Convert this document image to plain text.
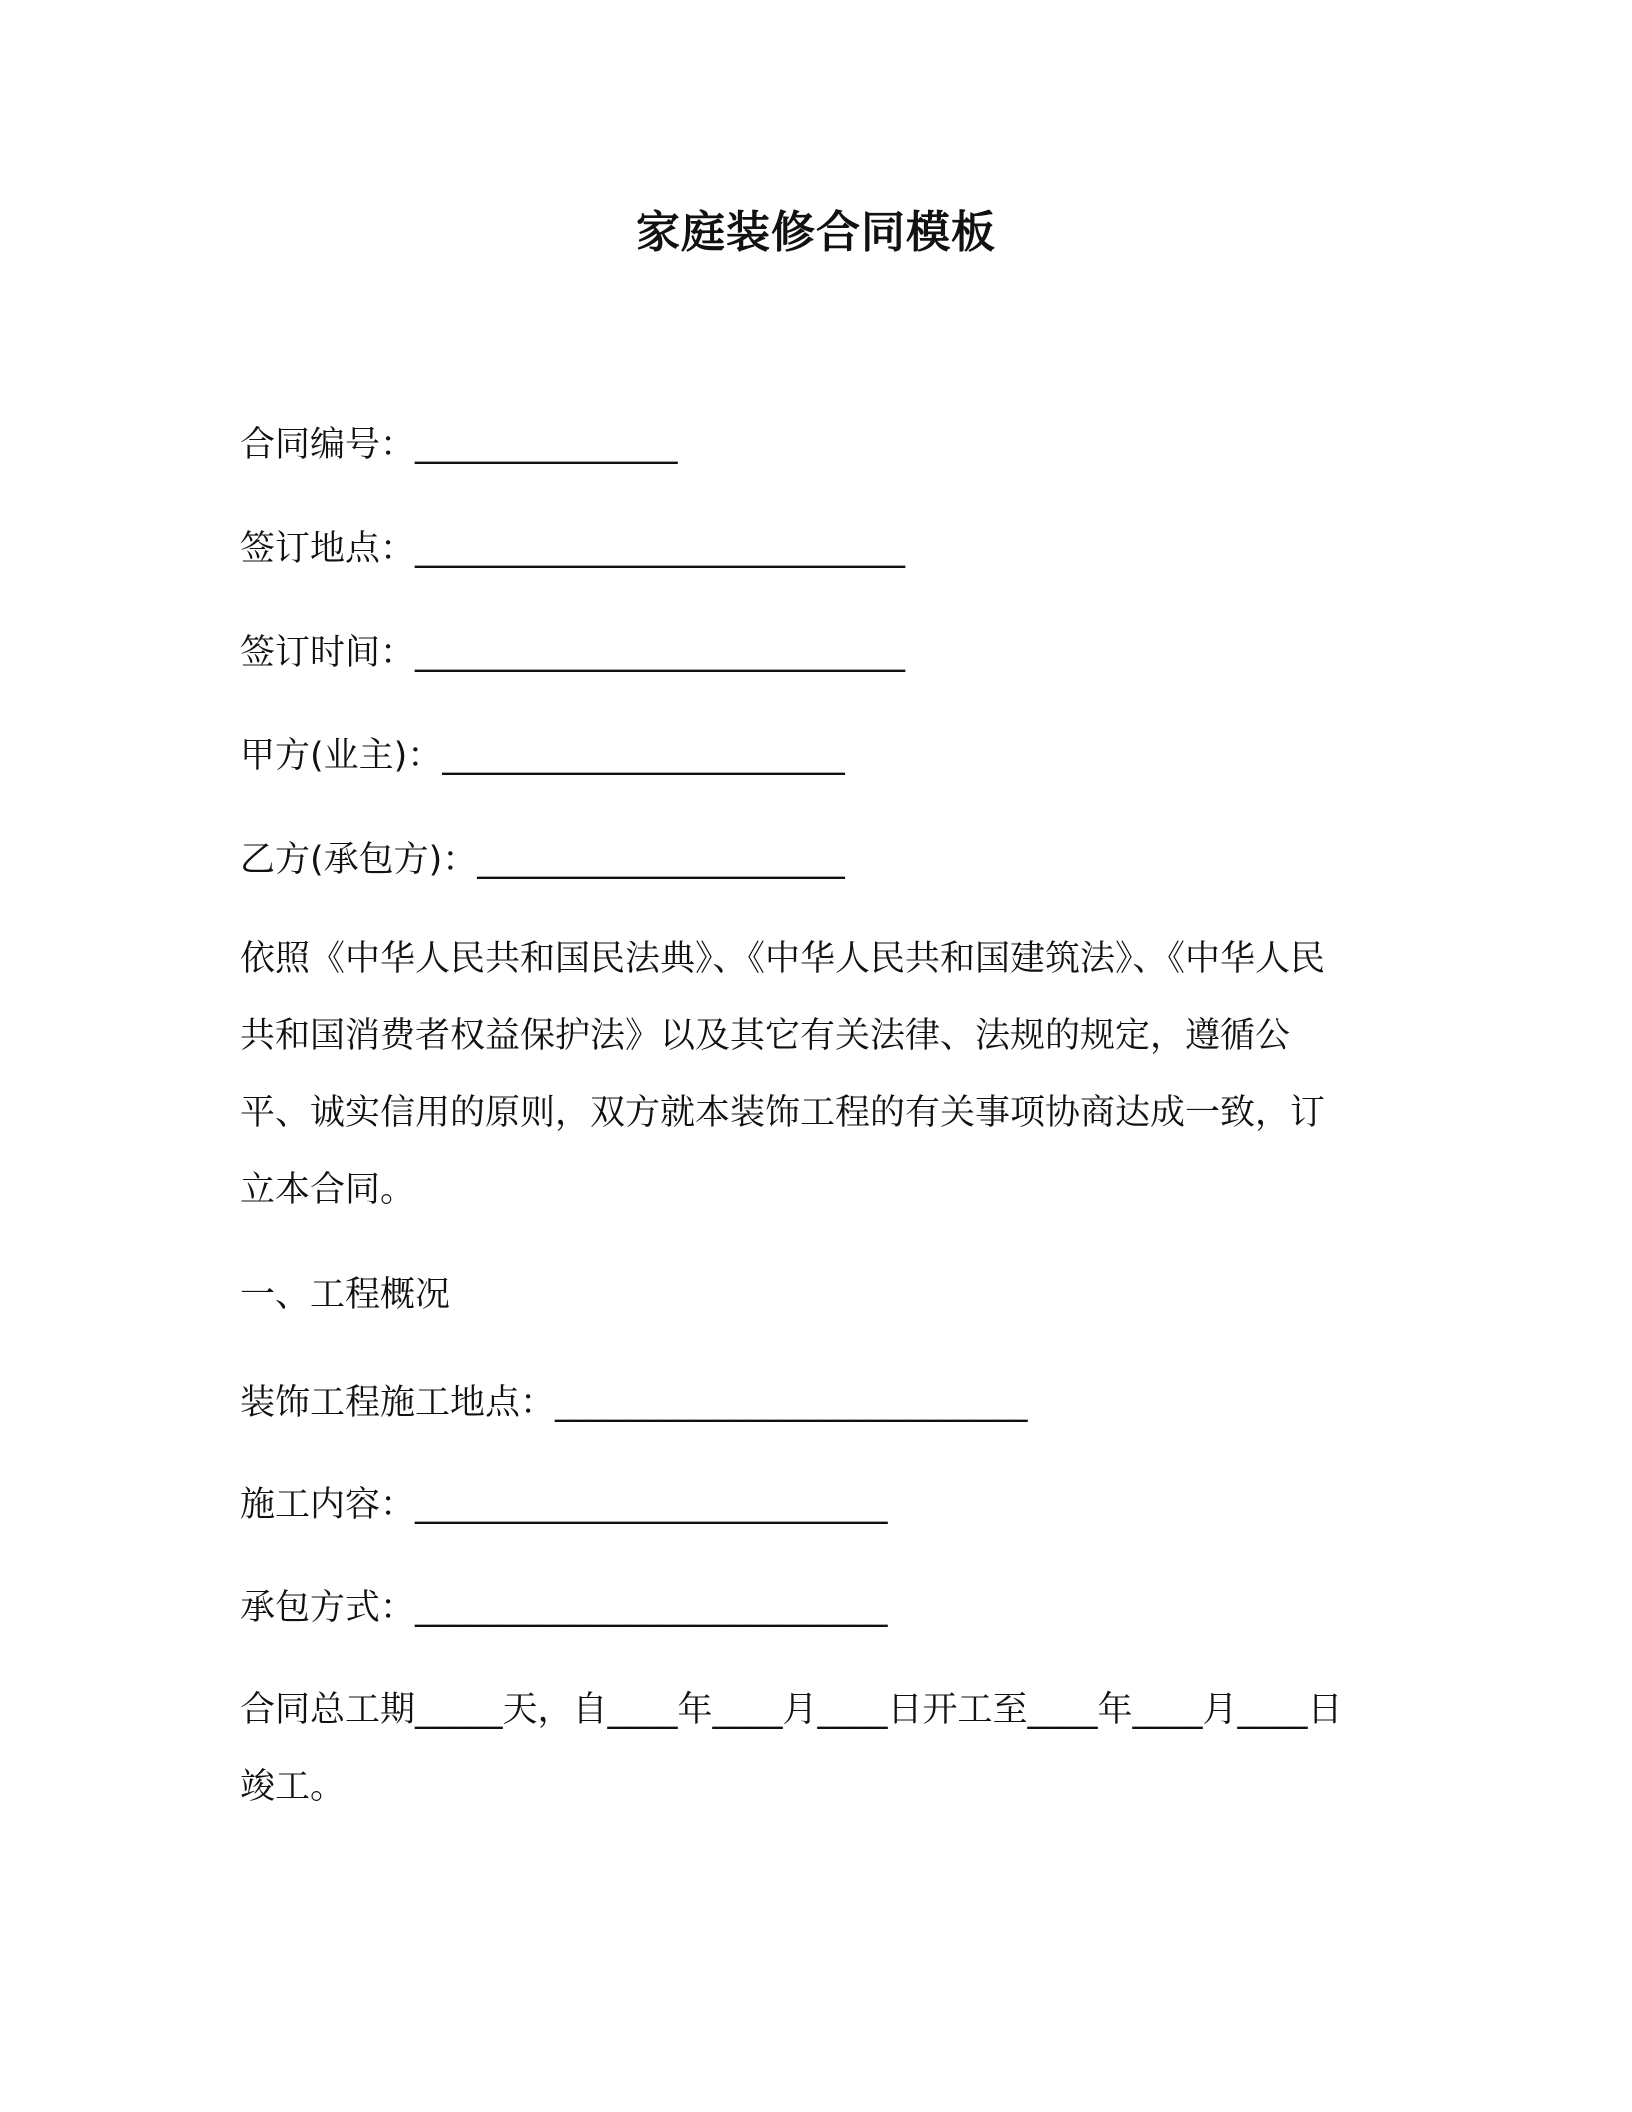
家庭装修合同模板
合同编号：_______________
签订地点：____________________________
签订时间：____________________________
甲方(业主)：_______________________
乙方(承包方)：_____________________
依照《中华人民共和国民法典》、《中华人民共和国建筑法》、《中华人民共和国消费者权益保护法》以及其它有关法律、法规的规定，遵循公平、诚实信用的原则，双方就本装饰工程的有关事项协商达成一致，订立本合同。
一、工程概况
装饰工程施工地点：___________________________
施工内容：___________________________
承包方式：___________________________
合同总工期_____天，自____年____月____日开工至____年____月____日竣工。
